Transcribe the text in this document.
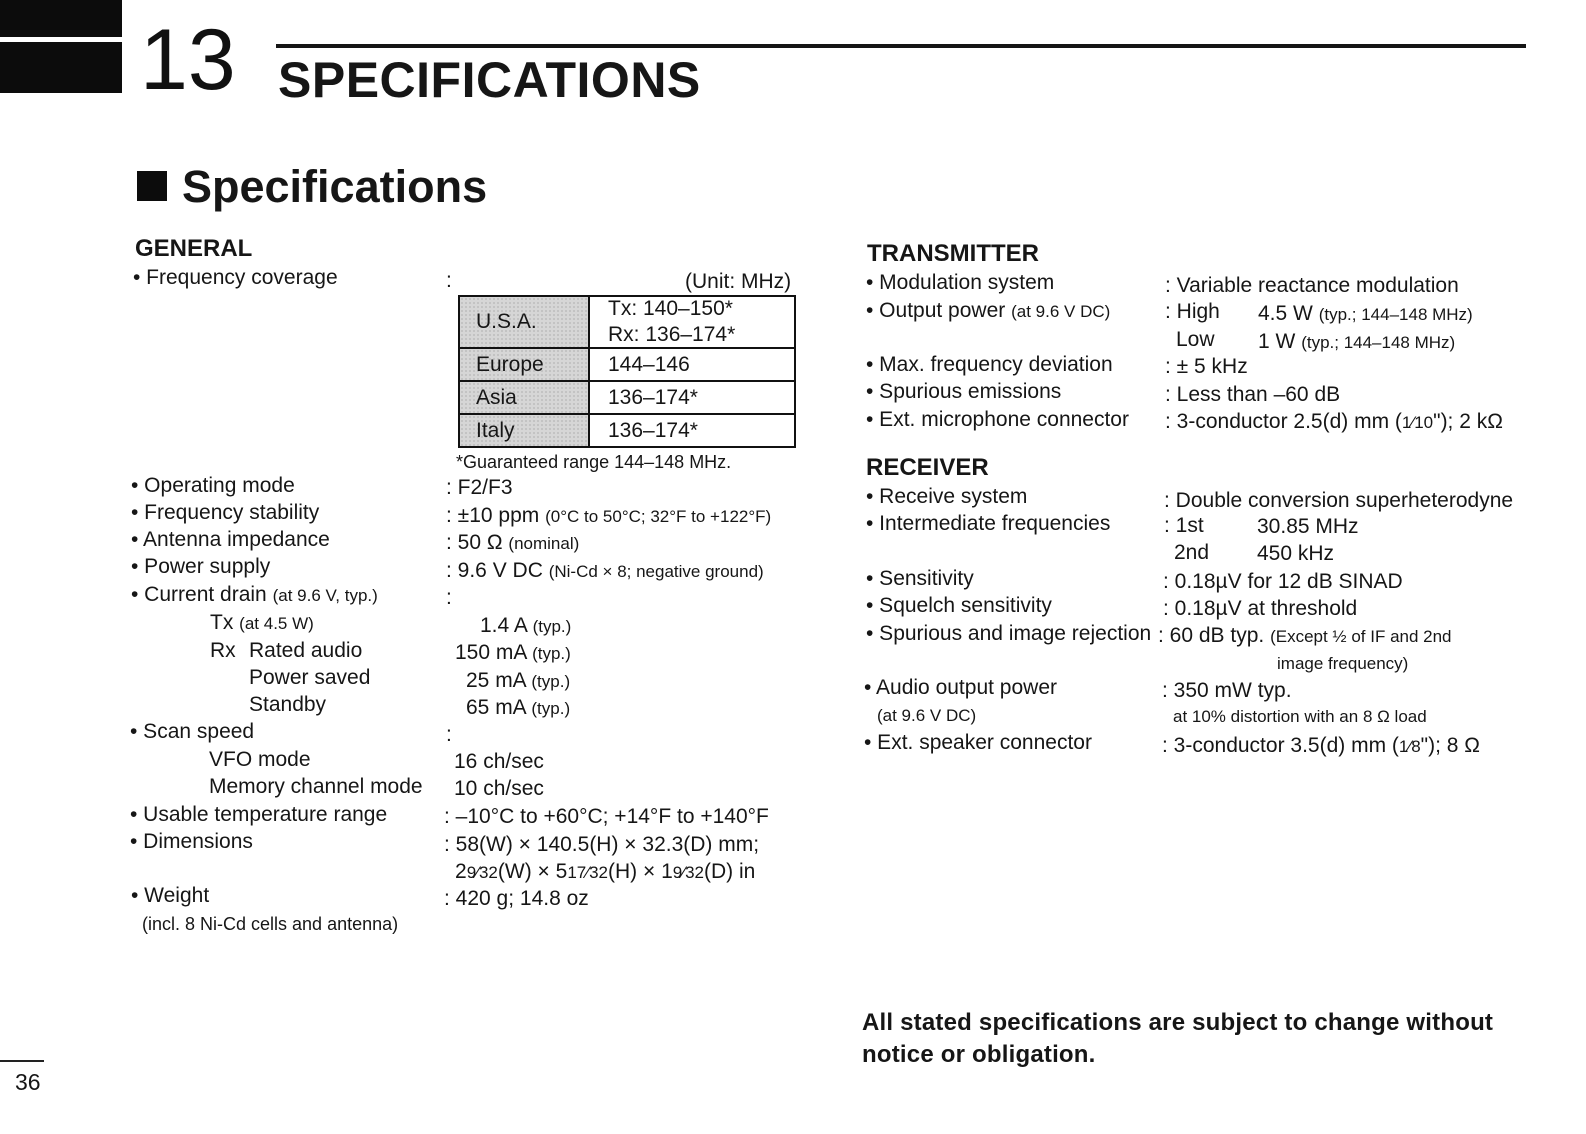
13 SPECIFICATIONS
Specifications
GENERAL
• Frequency coverage	:	(Unit: MHz)
U.S.A.	Tx: 140–150*
Rx: 136–174*

Europe	144–146
Asia	136–174*
Italy	136–174*
*Guaranteed range 144–148 MHz.
• Operating mode	: F2/F3
• Frequency stability	: ±10 ppm (0°C to 50°C; 32°F to +122°F)
• Antenna impedance	: 50 Ω (nominal)
• Power supply	: 9.6 V DC (Ni-Cd × 8; negative ground)
• Current drain (at 9.6 V, typ.)	:
Tx (at 4.5 W)	1.4 A (typ.)
Rx Rated audio	150 mA (typ.)
Power saved	25 mA (typ.)
Standby	65 mA (typ.)
• Scan speed	:
VFO mode	16 ch/sec
Memory channel mode 10 ch/sec
• Usable temperature range	: –10°C to +60°C; +14°F to +140°F
• Dimensions	: 58(W) × 140.5(H) × 32.3(D) mm;
29⁄32(W) × 517⁄32(H) × 19⁄32(D) in
• Weight	: 420 g; 14.8 oz
(incl. 8 Ni-Cd cells and antenna)
TRANSMITTER
• Modulation system	: Variable reactance modulation
• Output power (at 9.6 V DC)	: High 4.5 W (typ.; 144–148 MHz)
Low 1 W (typ.; 144–148 MHz)
• Max. frequency deviation : ± 5 kHz
• Spurious emissions	: Less than –60 dB
• Ext. microphone connector : 3-conductor 2.5(d) mm (1⁄10"); 2 kΩ
RECEIVER
• Receive system	: Double conversion superheterodyne
• Intermediate frequencies	: 1st	30.85 MHz
2nd 450 kHz
• Sensitivity	: 0.18µV for 12 dB SINAD
• Squelch sensitivity	: 0.18µV at threshold
• Spurious and image rejection : 60 dB typ. (Except ½ of IF and 2nd
image frequency)
• Audio output power	: 350 mW typ.
(at 9.6 V DC)	at 10% distortion with an 8 Ω load
• Ext. speaker connector	: 3-conductor 3.5(d) mm (1⁄8"); 8 Ω
All stated specifications are subject to change without
notice or obligation.
36
